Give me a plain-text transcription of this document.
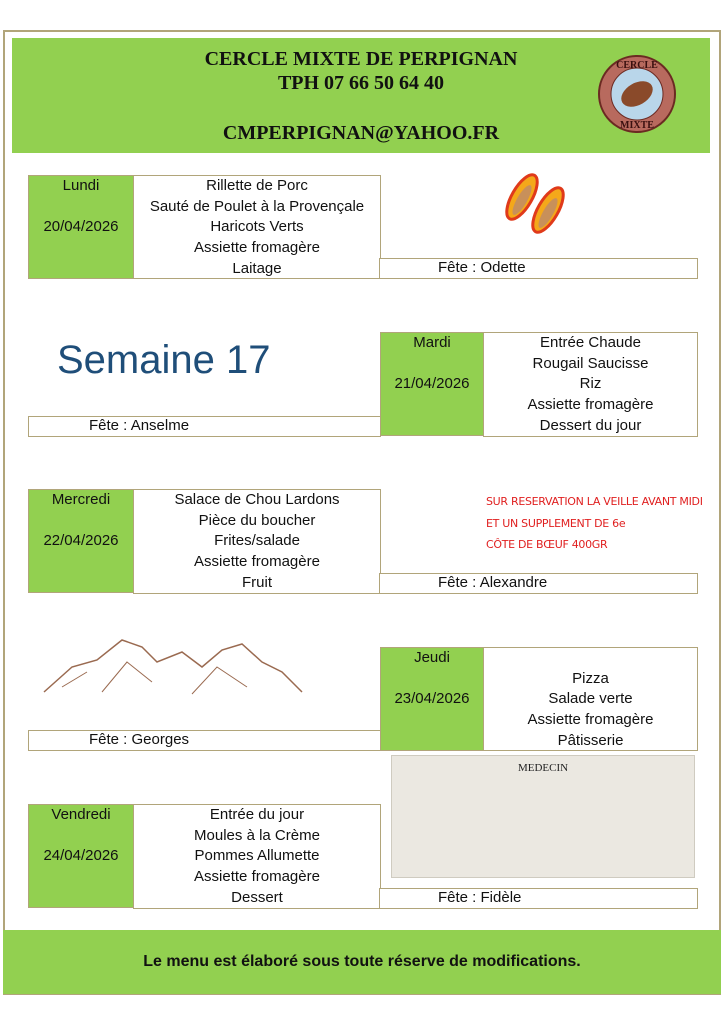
CERCLE MIXTE DE PERPIGNAN
TPH 07 66 50 64 40
CMPERPIGNAN@YAHOO.FR
CERCLE
MIXTE
Lundi

20/04/2026
Rillette de Porc
Sauté de Poulet à la Provençale
Haricots Verts
Assiette fromagère
Laitage	Fête : Odette
Semaine 17
Fête : Anselme
Mardi

21/04/2026
Entrée Chaude
Rougail Saucisse
Riz
Assiette fromagère
Dessert du jour
Mercredi

22/04/2026
Salace de Chou Lardons
Pièce du boucher
Frites/salade
Assiette fromagère
Fruit	Fête : Alexandre
SUR RESERVATION LA VEILLE AVANT MIDI
ET UN SUPPLEMENT DE 6e
CÔTE DE BŒUF 400GR
Fête : Georges
Jeudi

23/04/2026

Pizza
Salade verte
Assiette fromagère
Pâtisserie
MEDECIN
Vendredi

24/04/2026
Entrée du jour
Moules à la Crème
Pommes Allumette
Assiette fromagère
Dessert	Fête : Fidèle
Le menu est élaboré sous toute réserve de modifications.
